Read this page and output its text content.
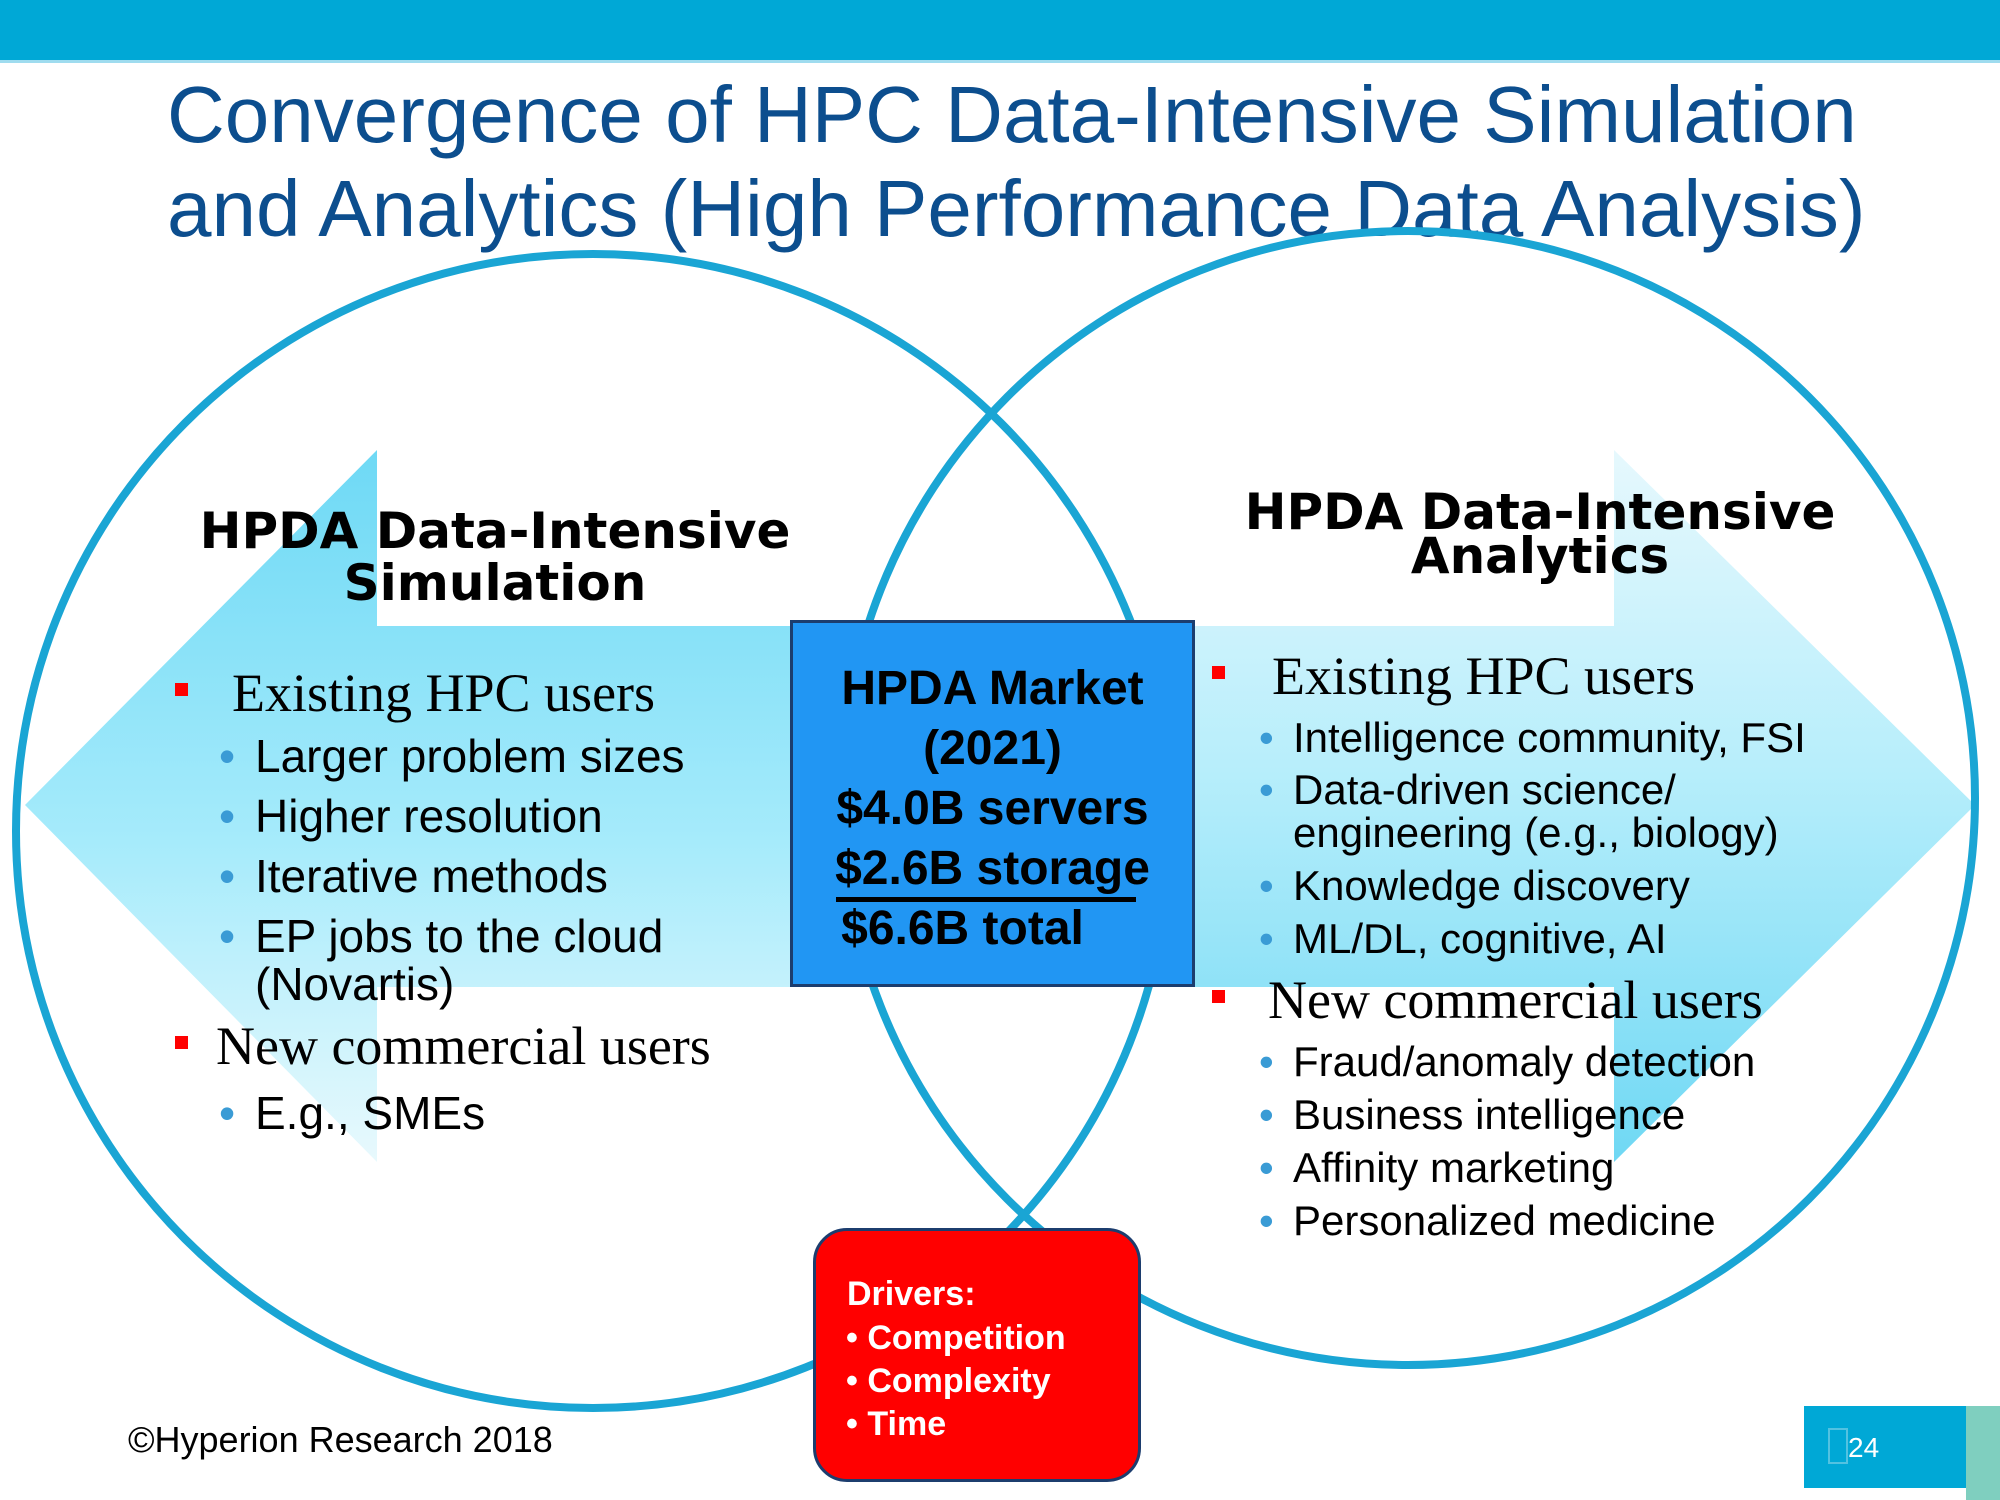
Convergence of HPC Data-Intensive Simulation
and Analytics (High Performance Data Analysis)
HPDA Data-Intensive
Simulation
HPDA Data-Intensive
Analytics
Existing HPC users
• Larger problem sizes
• Higher resolution
• Iterative methods
• EP jobs to the cloud
(Novartis)
New commercial users
• E.g., SMEs
Existing HPC users
• Intelligence community, FSI
• Data-driven science/
engineering (e.g., biology)
• Knowledge discovery
• ML/DL, cognitive, AI
New commercial users
• Fraud/anomaly detection
• Business intelligence
• Affinity marketing
• Personalized medicine
HPDA Market
(2021)
$4.0B servers
$2.6B storage
$6.6B total
Drivers:
• Competition
• Complexity
• Time
©Hyperion Research 2018	24
